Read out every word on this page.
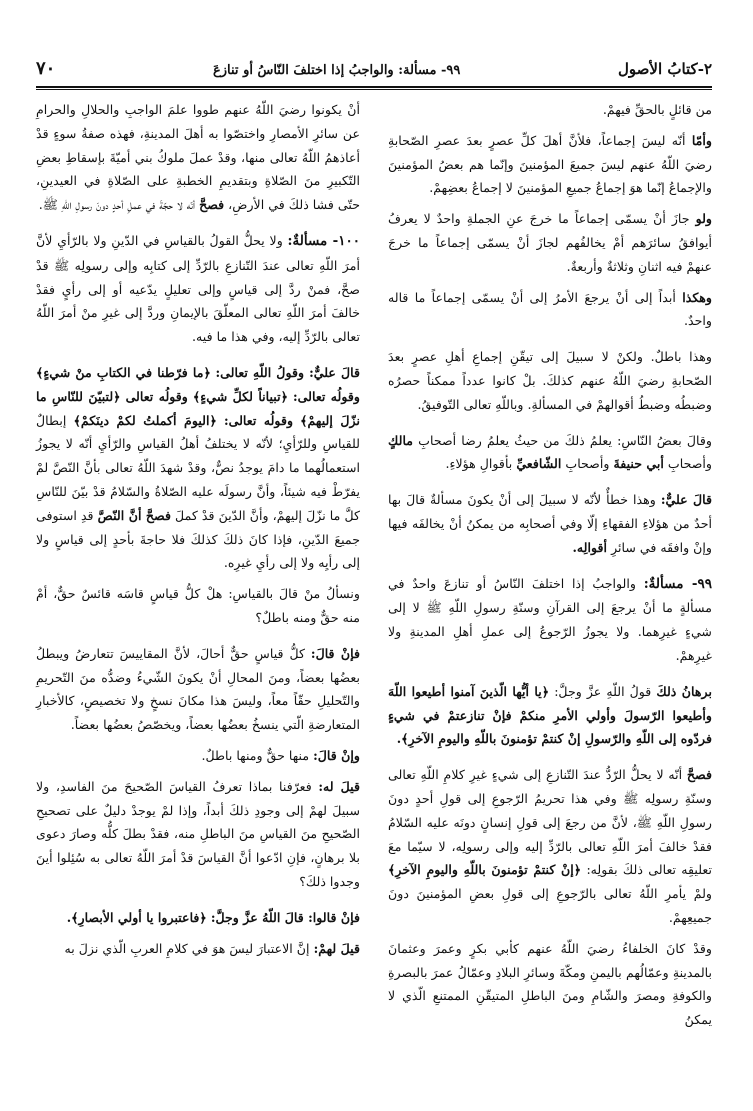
٢-كتابُ الأصول
٩٩- مسألة: والواجبُ إذا اختلفَ النّاسُ أو تنازعَ
٧٠

من قائلٍ بالحقِّ فيهمْ.

وأمّا أنّه ليسَ إجماعاً، فلأنَّ أهلَ كلِّ عصرٍ بعدَ عصرِ الصّحابةِ رضيَ اللّهُ عنهم ليسَ جميعَ المؤمنينَ وإنّما هم بعضُ المؤمنينَ والإجماعُ إنّما هوَ إجماعُ جميعِ المؤمنينَ لا إجماعُ بعضِهمْ.

ولو جازَ أنْ يسمّى إجماعاً ما خرجَ عنِ الجملةِ واحدٌ لا يعرفُ أيوافقُ سائرَهم أمْ يخالفُهم لجازَ أنْ يسمّى إجماعاً ما خرجَ عنهمْ فيه اثنانِ وثلاثةٌ وأربعةٌ.

وهكذا أبداً إلى أنْ يرجعَ الأمرُ إلى أنْ يسمّى إجماعاً ما قاله واحدٌ.

وهذا باطلٌ. ولكنْ لا سبيلَ إلى تيقّنِ إجماعِ أهلِ عصرٍ بعدَ الصّحابةِ رضيَ اللّهُ عنهم كذلكَ. بلْ كانوا عدداً ممكناً حصرُه وضبطُه وضبطُ أقوالهمْ في المسألةِ. وباللّهِ تعالى التّوفيقُ.

وقالَ بعضُ النّاسِ: يعلمُ ذلكَ من حيثُ يعلمُ رضا أصحابِ مالكٍ وأصحابِ أبي حنيفةَ وأصحابِ الشّافعيِّ بأقوالِ هؤلاءِ.

قالَ عليٌّ: وهذا خطأٌ لأنّه لا سبيلَ إلى أنْ يكونَ مسألةٌ قالَ بها أحدٌ من هؤلاءِ الفقهاءِ إلّا وفي أصحابِه من يمكنُ أنْ يخالفَه فيها وإنْ وافقَه في سائرِ أقوالِه.

٩٩- مسألةٌ: والواجبُ إذا اختلفَ النّاسُ أو تنازعَ واحدٌ في مسألةٍ ما أنْ يرجعَ إلى القرآنِ وسنّةِ رسولِ اللّهِ ﷺ لا إلى شيءٍ غيرِهما. ولا يجوزُ الرّجوعُ إلى عملِ أهلِ المدينةِ ولا غيرِهمْ.

برهانُ ذلكَ قولُ اللّهِ عزَّ وجلَّ: ﴿يا أيُّها الّذينَ آمنوا أطيعوا اللّهَ وأطيعوا الرّسولَ وأولي الأمرِ منكمْ فإنْ تنازعتمْ في شيءٍ فردّوه إلى اللّهِ والرّسولِ إنْ كنتمْ تؤمنونَ باللّهِ واليومِ الآخرِ﴾.

فصحَّ أنّه لا يحلُّ الرّدُّ عندَ التّنازعِ إلى شيءٍ غيرِ كلامِ اللّهِ تعالى وسنّةِ رسولِه ﷺ وفي هذا تحريمُ الرّجوعِ إلى قولِ أحدٍ دونَ رسولِ اللّهِ ﷺ، لأنَّ من رجعَ إلى قولِ إنسانٍ دونَه عليه السّلامُ فقدْ خالفَ أمرَ اللّهِ تعالى بالرّدِّ إليه وإلى رسولِه، لا سيّما معَ تعليقِه تعالى ذلكَ بقولِه: ﴿إنْ كنتمْ تؤمنونَ باللّهِ واليومِ الآخرِ﴾ ولمْ يأمرِ اللّهُ تعالى بالرّجوعِ إلى قولِ بعضِ المؤمنينَ دونَ جميعِهمْ.

وقدْ كانَ الخلفاءُ رضيَ اللّهُ عنهم كأبي بكرٍ وعمرَ وعثمانَ بالمدينةِ وعمّالُهم باليمنِ ومكّةَ وسائرِ البلادِ وعمّالُ عمرَ بالبصرةِ والكوفةِ ومصرَ والشّامِ ومنَ الباطلِ المتيقّنِ الممتنعِ الّذي لا يمكنُ

أنْ يكونوا رضيَ اللّهُ عنهم طووا علمَ الواجبِ والحلالِ والحرامِ عن سائرِ الأمصارِ واختصّوا به أهلَ المدينةِ، فهذه صفةُ سوءٍ قدْ أعاذهمُ اللّهُ تعالى منها، وقدْ عملَ ملوكُ بني أميّةَ بإسقاطِ بعضِ التّكبيرِ منَ الصّلاةِ وبتقديمِ الخطبةِ على الصّلاةِ في العيدينِ، حتّى فشا ذلكَ في الأرضِ، فصحَّ أنّه لا حجّةَ في عملِ أحدٍ دونَ رسولِ اللّهِ ﷺ.

١٠٠- مسألةٌ: ولا يحلُّ القولُ بالقياسِ في الدّينِ ولا بالرّأيِ لأنَّ أمرَ اللّهِ تعالى عندَ التّنازعِ بالرّدِّ إلى كتابِه وإلى رسولِه ﷺ قدْ صحَّ، فمنْ ردَّ إلى قياسٍ وإلى تعليلٍ يدّعيه أو إلى رأيٍ فقدْ خالفَ أمرَ اللّهِ تعالى المعلّقَ بالإيمانِ وردَّ إلى غيرِ منْ أمرَ اللّهُ تعالى بالرّدِّ إليه، وفي هذا ما فيه.

قالَ عليٌّ: وقولُ اللّهِ تعالى: ﴿ما فرّطنا في الكتابِ منْ شيءٍ﴾ وقولُه تعالى: ﴿تبياناً لكلِّ شيءٍ﴾ وقولُه تعالى ﴿لتبيّنَ للنّاسِ ما نزّلَ إليهمْ﴾ وقولُه تعالى: ﴿اليومَ أكملتُ لكمْ دينَكمْ﴾ إبطالٌ للقياسِ وللرّأيِ؛ لأنّه لا يختلفُ أهلُ القياسِ والرّأيِ أنّه لا يجوزُ استعمالُهما ما دامَ يوجدُ نصٌّ، وقدْ شهدَ اللّهُ تعالى بأنَّ النّصَّ لمْ يفرّطْ فيه شيئاً، وأنَّ رسولَه عليه الصّلاةُ والسّلامُ قدْ بيّنَ للنّاسِ كلَّ ما نزّلَ إليهمْ، وأنَّ الدّينَ قدْ كملَ فصحَّ أنَّ النّصَّ قدِ استوفى جميعَ الدّينِ، فإذا كانَ ذلكَ كذلكَ فلا حاجةَ بأحدٍ إلى قياسٍ ولا إلى رأيِه ولا إلى رأيِ غيرِه.

ونسألُ منْ قالَ بالقياسِ: هلْ كلُّ قياسٍ قاسَه قائسٌ حقٌّ، أمْ منه حقٌّ ومنه باطلٌ؟

فإنْ قالَ: كلُّ قياسٍ حقٌّ أحالَ، لأنَّ المقاييسَ تتعارضُ ويبطلُ بعضُها بعضاً، ومنَ المحالِ أنْ يكونَ الشّيءُ وضدُّه منَ التّحريمِ والتّحليلِ حقّاً معاً، وليسَ هذا مكانَ نسخٍ ولا تخصيصٍ، كالأخبارِ المتعارضةِ الّتي ينسخُ بعضُها بعضاً، ويخصّصُ بعضُها بعضاً.

وإنْ قالَ: منها حقٌّ ومنها باطلٌ.

قيلَ له: فعرّفنا بماذا تعرفُ القياسَ الصّحيحَ منَ الفاسدِ، ولا سبيلَ لهمْ إلى وجودِ ذلكَ أبداً، وإذا لمْ يوجدْ دليلٌ على تصحيحِ الصّحيحِ منَ القياسِ منَ الباطلِ منه، فقدْ بطلَ كلُّه وصارَ دعوى بلا برهانٍ، فإنِ ادّعوا أنَّ القياسَ قدْ أمرَ اللّهُ تعالى به سُئِلوا أينَ وجدوا ذلكَ؟

فإنْ قالوا: قالَ اللّهُ عزَّ وجلَّ: ﴿فاعتبروا يا أولي الأبصارِ﴾.

قيلَ لهمْ: إنَّ الاعتبارَ ليسَ هوَ في كلامِ العربِ الّذي نزلَ به
